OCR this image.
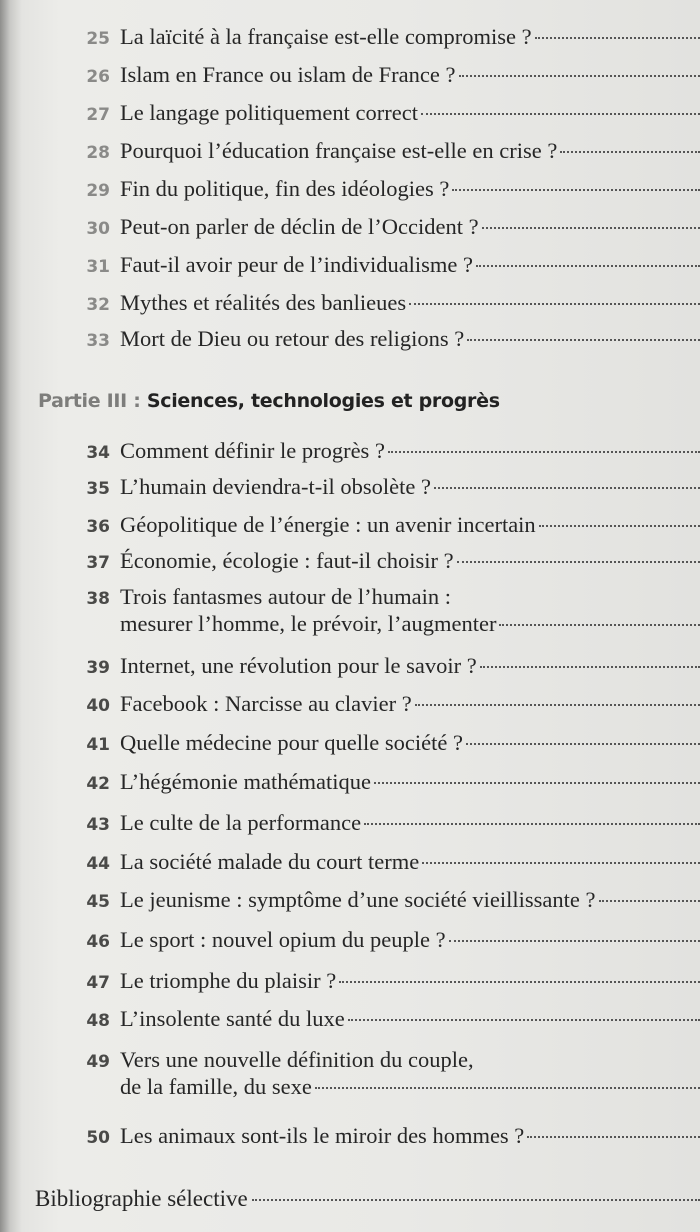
Partie III : Sciences, technologies et progrès
Bibliographie sélective
25 La laïcité à la française est-elle compromise ?
26 Islam en France ou islam de France ?
27 Le langage politiquement correct
28 Pourquoi l’éducation française est-elle en crise ?
29 Fin du politique, fin des idéologies ?
30 Peut-on parler de déclin de l’Occident ?
31 Faut-il avoir peur de l’individualisme ?
32 Mythes et réalités des banlieues
33 Mort de Dieu ou retour des religions ?
34 Comment définir le progrès ?
35 L’humain deviendra-t-il obsolète ?
36 Géopolitique de l’énergie : un avenir incertain
37 Économie, écologie : faut-il choisir ?
38 Trois fantasmes autour de l’humain :
mesurer l’homme, le prévoir, l’augmenter
39 Internet, une révolution pour le savoir ?
40 Facebook : Narcisse au clavier ?
41 Quelle médecine pour quelle société ?
42 L’hégémonie mathématique
43 Le culte de la performance
44 La société malade du court terme
45 Le jeunisme : symptôme d’une société vieillissante ?
46 Le sport : nouvel opium du peuple ?
47 Le triomphe du plaisir ?
48 L’insolente santé du luxe
49 Vers une nouvelle définition du couple,
de la famille, du sexe
50 Les animaux sont-ils le miroir des hommes ?
